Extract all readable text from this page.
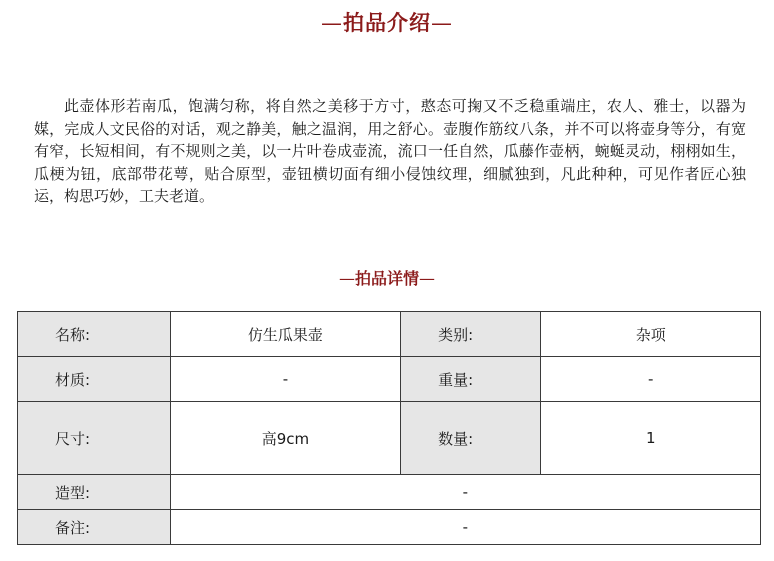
—拍品介绍—

此壶体形若南瓜，饱满匀称，将自然之美移于方寸，憨态可掬又不乏稳重端庄，农人、雅士，以器为媒，完成人文民俗的对话，观之静美，触之温润，用之舒心。壶腹作筋纹八条，并不可以将壶身等分，有宽有窄，长短相间，有不规则之美，以一片叶卷成壶流，流口一任自然，瓜藤作壶柄，蜿蜒灵动，栩栩如生，瓜梗为钮，底部带花萼，贴合原型，壶钮横切面有细小侵蚀纹理，细腻独到，凡此种种，可见作者匠心独运，构思巧妙，工夫老道。

—拍品详情—
名称:	仿生瓜果壶	类别:	杂项
材质:	-	重量:	-
尺寸:	高9cm	数量:	1
造型:	-		
备注:	-		
